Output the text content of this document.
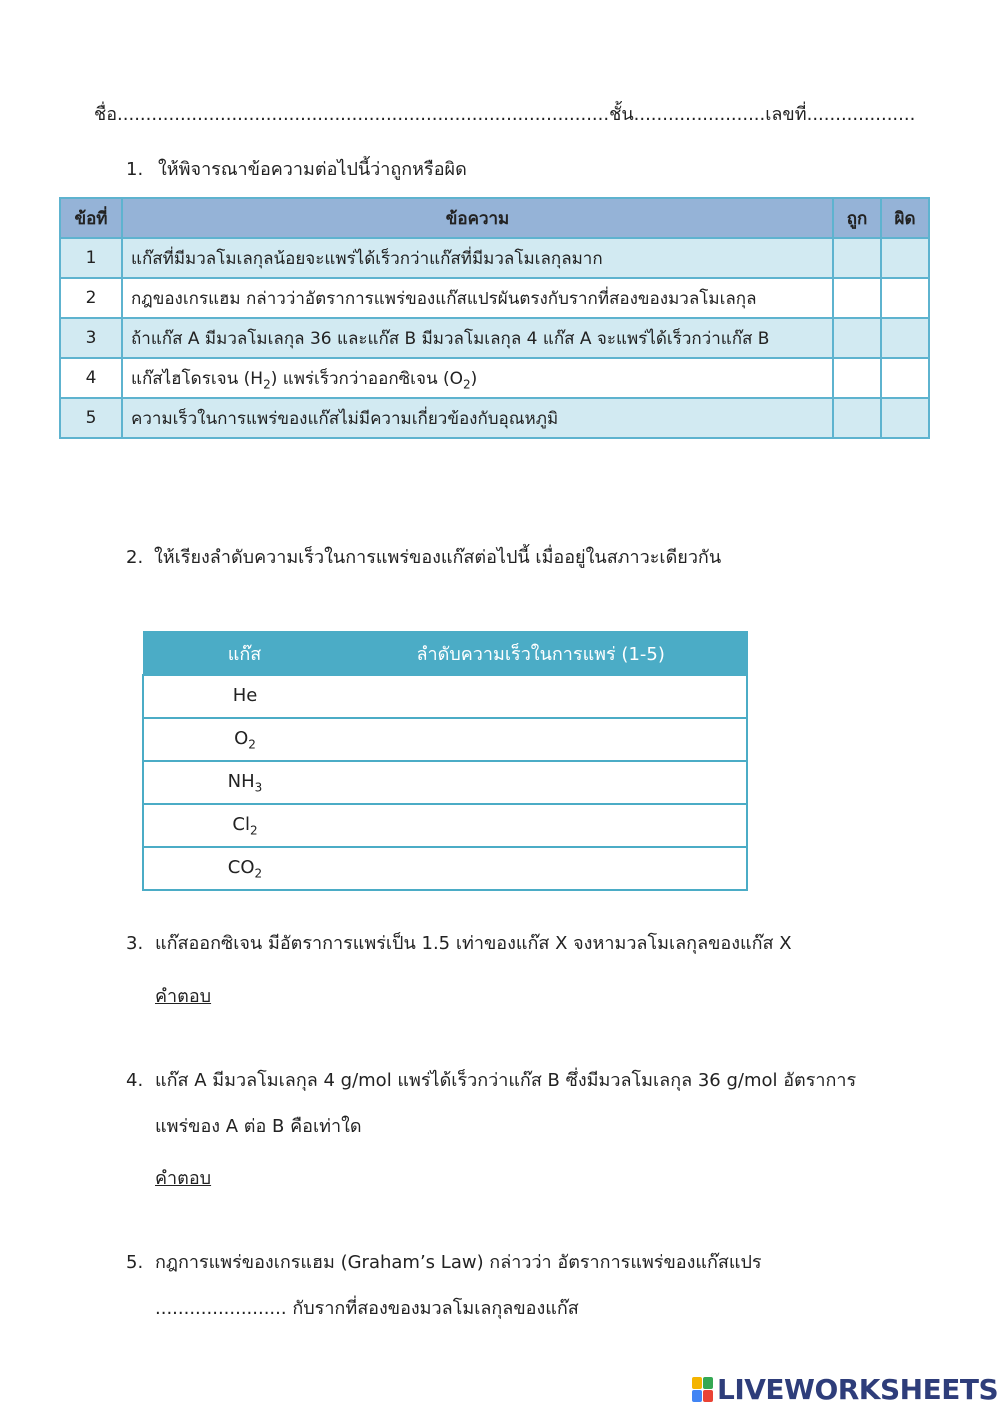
ชื่อ......................................................................................ชั้น.......................เลขที่...................
1. ให้พิจารณาข้อความต่อไปนี้ว่าถูกหรือผิด
ข้อที่	ข้อความ	ถูก	ผิด
1	แก๊สที่มีมวลโมเลกุลน้อยจะแพร่ได้เร็วกว่าแก๊สที่มีมวลโมเลกุลมาก		
2	กฎของเกรแฮม กล่าวว่าอัตราการแพร่ของแก๊สแปรผันตรงกับรากที่สองของมวลโมเลกุล		
3	ถ้าแก๊ส A มีมวลโมเลกุล 36 และแก๊ส B มีมวลโมเลกุล 4 แก๊ส A จะแพร่ได้เร็วกว่าแก๊ส B		
4	แก๊สไฮโดรเจน $(H_2)$ แพร่เร็วกว่าออกซิเจน $(O_2)$		
5	ความเร็วในการแพร่ของแก๊สไม่มีความเกี่ยวข้องกับอุณหภูมิ		
2. ให้เรียงลำดับความเร็วในการแพร่ของแก๊สต่อไปนี้ เมื่ออยู่ในสภาวะเดียวกัน
แก๊ส	ลำดับความเร็วในการแพร่ (1-5)
He	
$O_2$	
$NH_3$	
$Cl_2$	
$CO_2$	
3. แก๊สออกซิเจน มีอัตราการแพร่เป็น 1.5 เท่าของแก๊ส X จงหามวลโมเลกุลของแก๊ส X
คำตอบ
4. แก๊ส A มีมวลโมเลกุล 4 g/mol แพร่ได้เร็วกว่าแก๊ส B ซึ่งมีมวลโมเลกุล 36 g/mol อัตราการ
แพร่ของ A ต่อ B คือเท่าใด
คำตอบ
5. กฎการแพร่ของเกรแฮม (Graham’s Law) กล่าวว่า อัตราการแพร่ของแก๊สแปร
....................... กับรากที่สองของมวลโมเลกุลของแก๊ส
LIVEWORKSHEETS
